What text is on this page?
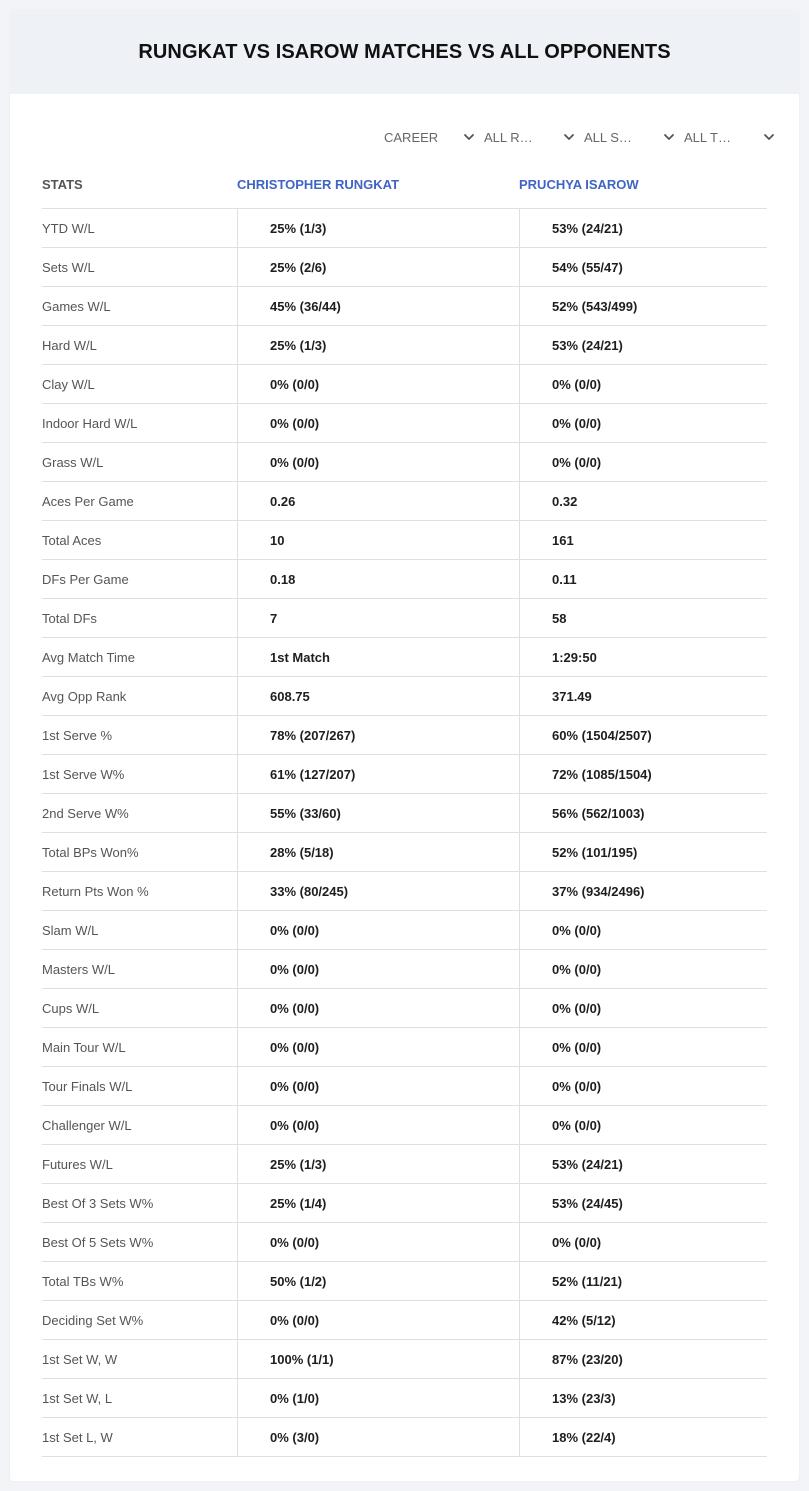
RUNGKAT VS ISAROW MATCHES VS ALL OPPONENTS
CAREER	ALL R…	ALL S…	ALL T…
STATS	CHRISTOPHER RUNGKAT	PRUCHYA ISAROW
YTD W/L	25% (1/3)	53% (24/21)
Sets W/L	25% (2/6)	54% (55/47)
Games W/L	45% (36/44)	52% (543/499)
Hard W/L	25% (1/3)	53% (24/21)
Clay W/L	0% (0/0)	0% (0/0)
Indoor Hard W/L	0% (0/0)	0% (0/0)
Grass W/L	0% (0/0)	0% (0/0)
Aces Per Game	0.26	0.32
Total Aces	10	161
DFs Per Game	0.18	0.11
Total DFs	7	58
Avg Match Time	1st Match	1:29:50
Avg Opp Rank	608.75	371.49
1st Serve %	78% (207/267)	60% (1504/2507)
1st Serve W%	61% (127/207)	72% (1085/1504)
2nd Serve W%	55% (33/60)	56% (562/1003)
Total BPs Won%	28% (5/18)	52% (101/195)
Return Pts Won %	33% (80/245)	37% (934/2496)
Slam W/L	0% (0/0)	0% (0/0)
Masters W/L	0% (0/0)	0% (0/0)
Cups W/L	0% (0/0)	0% (0/0)
Main Tour W/L	0% (0/0)	0% (0/0)
Tour Finals W/L	0% (0/0)	0% (0/0)
Challenger W/L	0% (0/0)	0% (0/0)
Futures W/L	25% (1/3)	53% (24/21)
Best Of 3 Sets W%	25% (1/4)	53% (24/45)
Best Of 5 Sets W%	0% (0/0)	0% (0/0)
Total TBs W%	50% (1/2)	52% (11/21)
Deciding Set W%	0% (0/0)	42% (5/12)
1st Set W, W	100% (1/1)	87% (23/20)
1st Set W, L	0% (1/0)	13% (23/3)
1st Set L, W	0% (3/0)	18% (22/4)
